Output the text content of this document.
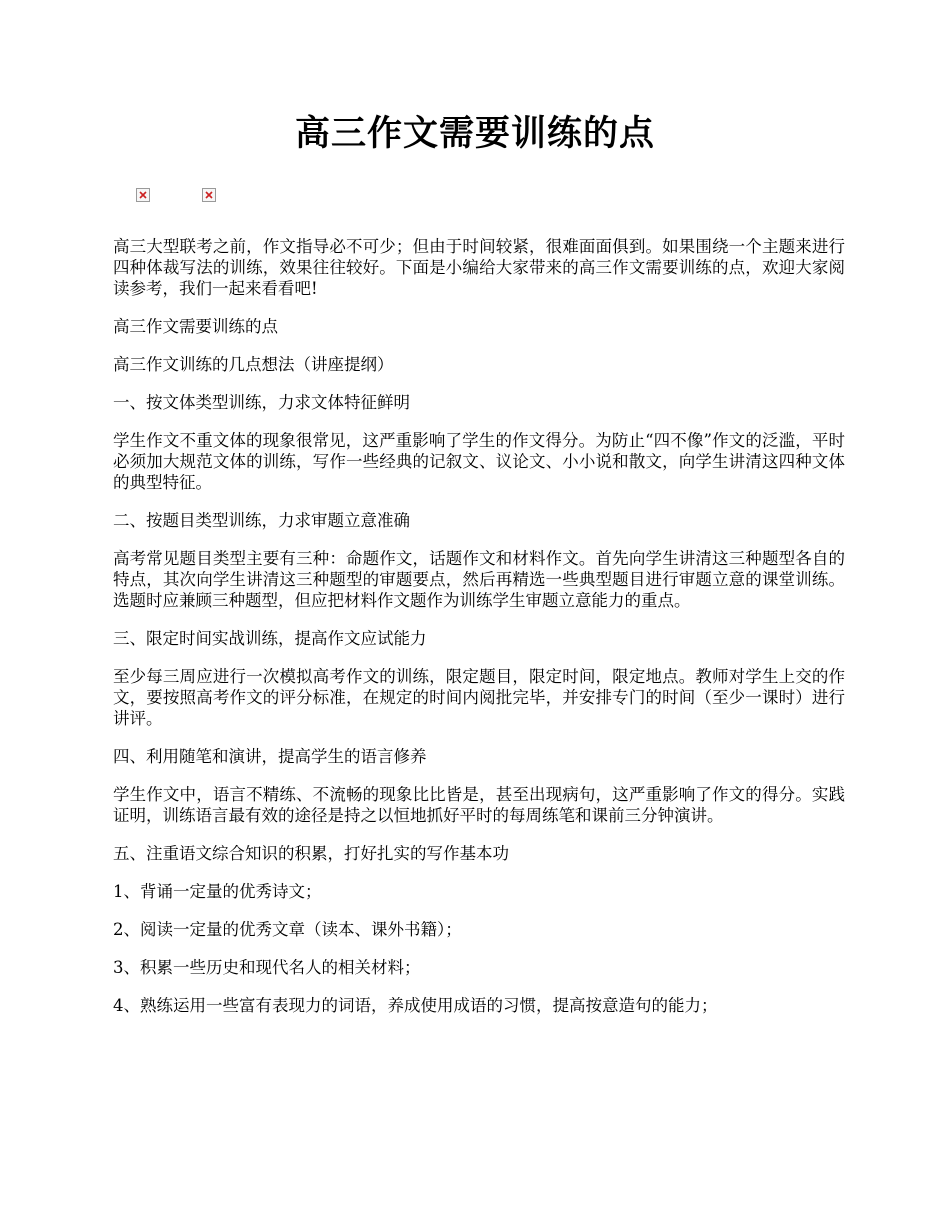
高三作文需要训练的点

高三大型联考之前，作文指导必不可少；但由于时间较紧，很难面面俱到。如果围绕一个主题来进行四种体裁写法的训练，效果往往较好。下面是小编给大家带来的高三作文需要训练的点，欢迎大家阅读参考，我们一起来看看吧!

高三作文需要训练的点

高三作文训练的几点想法（讲座提纲）

一、按文体类型训练，力求文体特征鲜明

学生作文不重文体的现象很常见，这严重影响了学生的作文得分。为防止“四不像”作文的泛滥，平时必须加大规范文体的训练，写作一些经典的记叙文、议论文、小小说和散文，向学生讲清这四种文体的典型特征。

二、按题目类型训练，力求审题立意准确

高考常见题目类型主要有三种：命题作文，话题作文和材料作文。首先向学生讲清这三种题型各自的特点，其次向学生讲清这三种题型的审题要点，然后再精选一些典型题目进行审题立意的课堂训练。选题时应兼顾三种题型，但应把材料作文题作为训练学生审题立意能力的重点。

三、限定时间实战训练，提高作文应试能力

至少每三周应进行一次模拟高考作文的训练，限定题目，限定时间，限定地点。教师对学生上交的作文，要按照高考作文的评分标准，在规定的时间内阅批完毕，并安排专门的时间（至少一课时）进行讲评。

四、利用随笔和演讲，提高学生的语言修养

学生作文中，语言不精练、不流畅的现象比比皆是，甚至出现病句，这严重影响了作文的得分。实践证明，训练语言最有效的途径是持之以恒地抓好平时的每周练笔和课前三分钟演讲。

五、注重语文综合知识的积累，打好扎实的写作基本功

1、背诵一定量的优秀诗文；

2、阅读一定量的优秀文章（读本、课外书籍）；

3、积累一些历史和现代名人的相关材料；

4、熟练运用一些富有表现力的词语，养成使用成语的习惯，提高按意造句的能力；
